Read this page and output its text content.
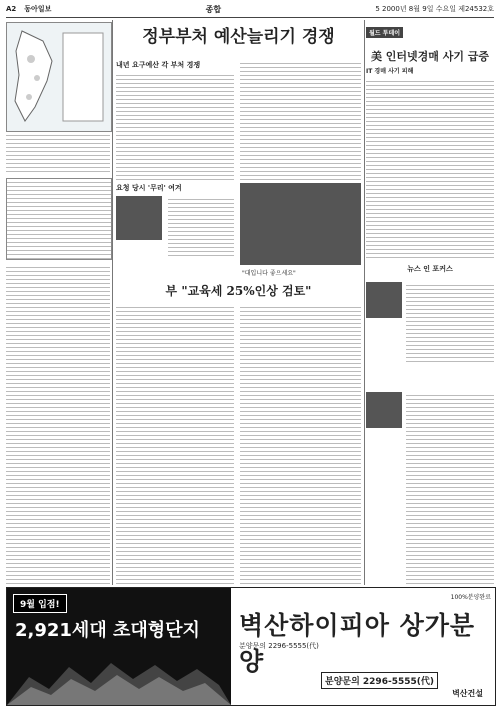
A2 동아일보	종합	5 2000년 8월 9일 수요일 제24532호
정부부처 예산늘리기 경쟁
내년 요구예산 각 부처 경쟁
요청 당시 '무리' 여겨
"대입니다 좋으세요"
부 "교육세 25%인상 검토"
월드 투데이
美 인터넷경매 사기 급증
IT 경매 사기 피해
뉴스 인 포커스
9월 입점!
2,921세대 초대형단지
100%분양완료
벽산하이피아 상가분양
분양문의 2296-5555(代)
분양문의 2296-5555(代)
벽산건설
